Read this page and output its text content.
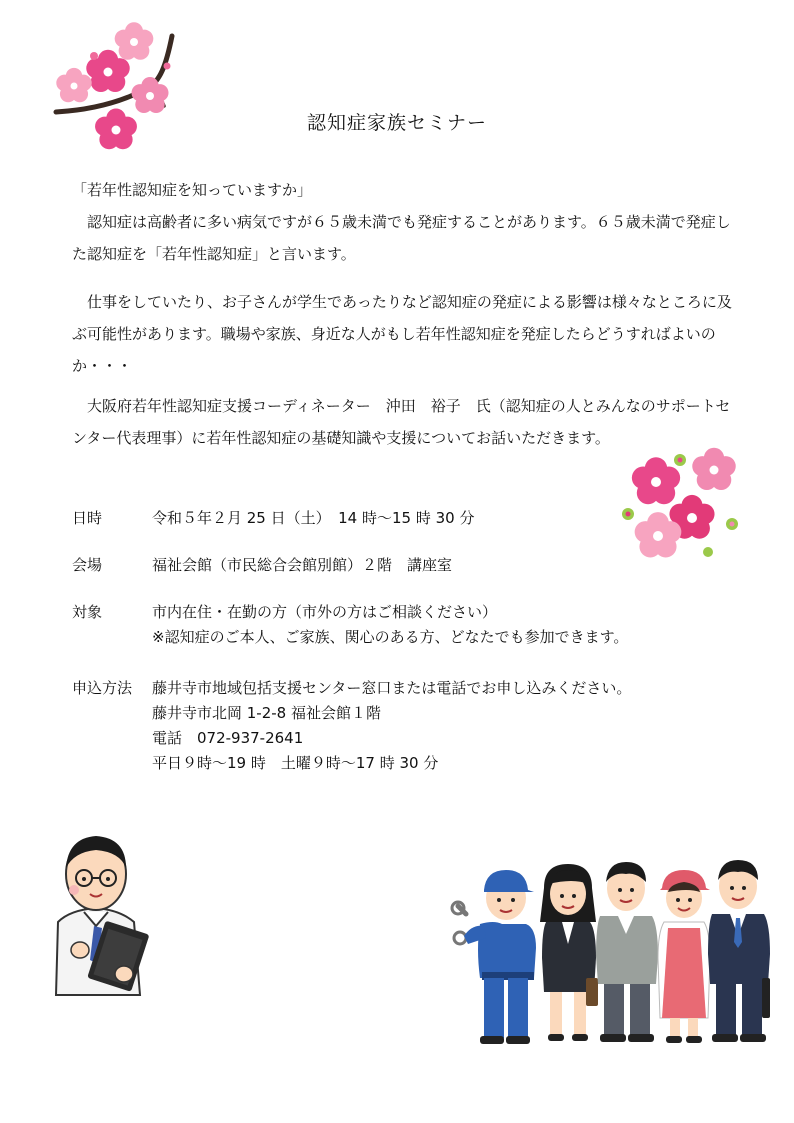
認知症家族セミナー
「若年性認知症を知っていますか」

認知症は高齢者に多い病気ですが６５歳未満でも発症することがあります。６５歳未満で発症した認知症を「若年性認知症」と言います。

仕事をしていたり、お子さんが学生であったりなど認知症の発症による影響は様々なところに及ぶ可能性があります。職場や家族、身近な人がもし若年性認知症を発症したらどうすればよいのか・・・

大阪府若年性認知症支援コーディネーター　沖田　裕子　氏（認知症の人とみんなのサポートセンター代表理事）に若年性認知症の基礎知識や支援についてお話いただきます。

日時	令和５年２月 25 日（土）　14 時～15 時 30 分
会場	福祉会館（市民総合会館別館）２階　講座室
対象	市内在住・在勤の方（市外の方はご相談ください）
※認知症のご本人、ご家族、関心のある方、どなたでも参加できます。
申込方法	藤井寺市地域包括支援センター窓口または電話でお申し込みください。
藤井寺市北岡 1-2-8 福祉会館１階
電話　072-937-2641
平日９時～19 時　土曜９時～17 時 30 分
